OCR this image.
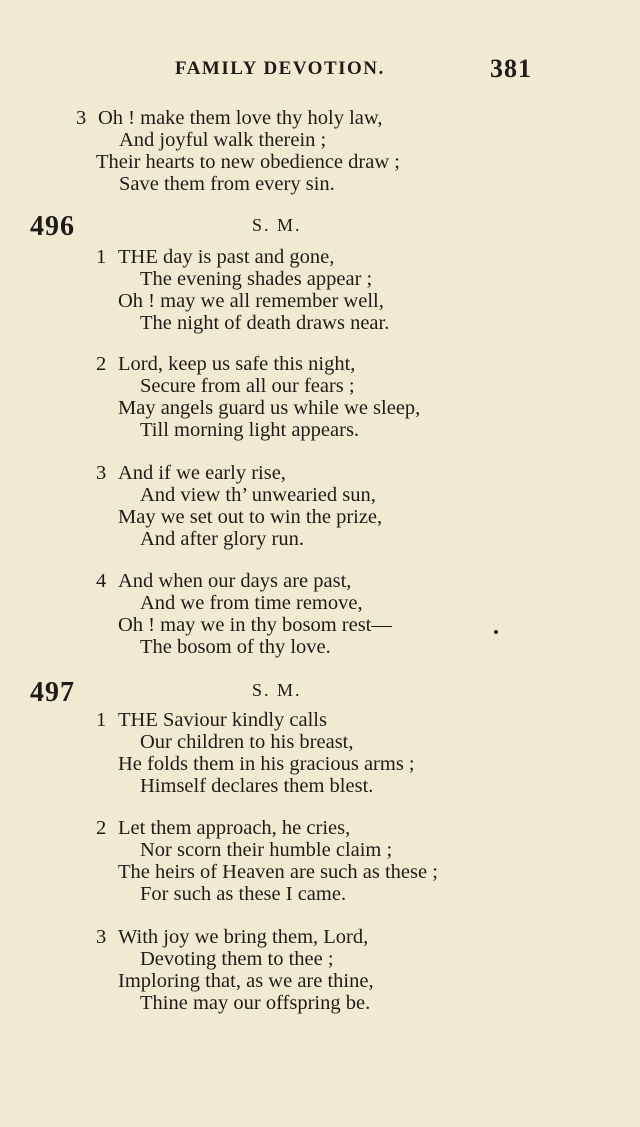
FAMILY DEVOTION.	381
3 Oh ! make them love thy holy law,
And joyful walk therein ;
Their hearts to new obedience draw ;
Save them from every sin.
496	S. M.
1 THE day is past and gone,
The evening shades appear ;
Oh ! may we all remember well,
The night of death draws near.
2 Lord, keep us safe this night,
Secure from all our fears ;
May angels guard us while we sleep,
Till morning light appears.
3 And if we early rise,
And view th’ unwearied sun,
May we set out to win the prize,
And after glory run.
4 And when our days are past,
And we from time remove,
Oh ! may we in thy bosom rest—
The bosom of thy love.
497	S. M.
1 THE Saviour kindly calls
Our children to his breast,
He folds them in his gracious arms ;
Himself declares them blest.
2 Let them approach, he cries,
Nor scorn their humble claim ;
The heirs of Heaven are such as these ;
For such as these I came.
3 With joy we bring them, Lord,
Devoting them to thee ;
Imploring that, as we are thine,
Thine may our offspring be.
